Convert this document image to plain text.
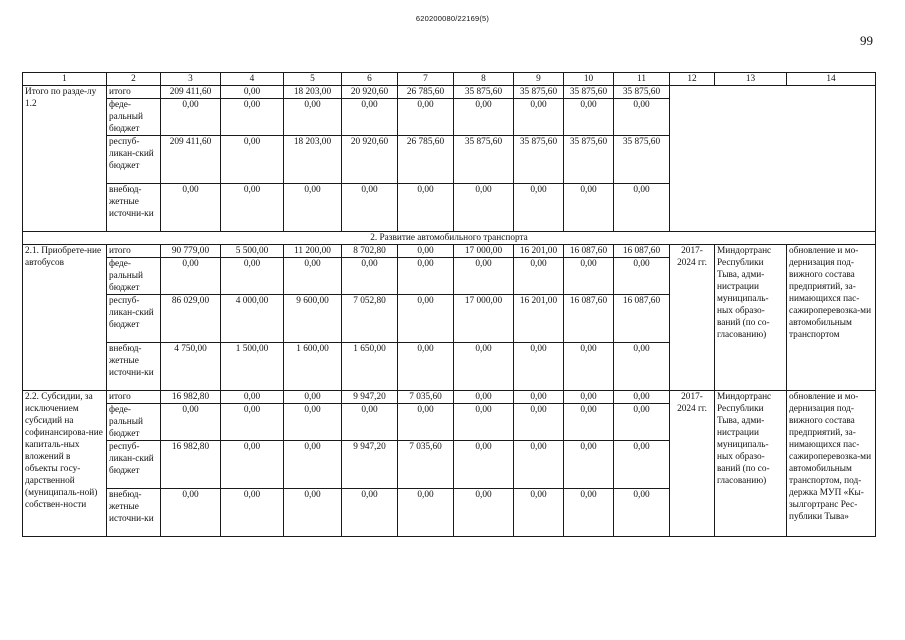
620200080/22169(5)
99
1	2	3	4	5	6	7	8	9	10	11	12	13	14
Итого по разде-лу 1.2	итого	209 411,60	0,00	18 203,00	20 920,60	26 785,60	35 875,60	35 875,60	35 875,60	35 875,60			
	феде-ральный бюджет	0,00	0,00	0,00	0,00	0,00	0,00	0,00	0,00	0,00			
	респуб-ликан-ский бюджет	209 411,60	0,00	18 203,00	20 920,60	26 785,60	35 875,60	35 875,60	35 875,60	35 875,60			
	внебюд-жетные источни-ки	0,00	0,00	0,00	0,00	0,00	0,00	0,00	0,00	0,00			
2. Развитие автомобильного транспорта													
2.1. Приобрете-ние автобусов	итого	90 779,00	5 500,00	11 200,00	8 702,80	0,00	17 000,00	16 201,00	16 087,60	16 087,60	2017-2024 гг.	Миндортранс Республики Тыва, адми-нистрации муниципаль-ных образо-ваний (по со-гласованию)	обновление и мо-дернизация под-вижного состава предприятий, за-нимающихся пас-сажироперевозка-ми автомобильным транспортом
	феде-ральный бюджет	0,00	0,00	0,00	0,00	0,00	0,00	0,00	0,00	0,00			
	респуб-ликан-ский бюджет	86 029,00	4 000,00	9 600,00	7 052,80	0,00	17 000,00	16 201,00	16 087,60	16 087,60			
	внебюд-жетные источни-ки	4 750,00	1 500,00	1 600,00	1 650,00	0,00	0,00	0,00	0,00	0,00			
2.2. Субсидии, за исключением субсидий на софинансирова-ние капиталь-ных вложений в объекты госу-дарственной (муниципаль-ной) собствен-ности	итого	16 982,80	0,00	0,00	9 947,20	7 035,60	0,00	0,00	0,00	0,00	2017-2024 гг.	Миндортранс Республики Тыва, адми-нистрации муниципаль-ных образо-ваний (по со-гласованию)	обновление и мо-дернизация под-вижного состава предприятий, за-нимающихся пас-сажироперевозка-ми автомобильным транспортом, под-держка МУП «Кы-зылгортранс Рес-публики Тыва»
	феде-ральный бюджет	0,00	0,00	0,00	0,00	0,00	0,00	0,00	0,00	0,00			
	респуб-ликан-ский бюджет	16 982,80	0,00	0,00	9 947,20	7 035,60	0,00	0,00	0,00	0,00			
	внебюд-жетные источни-ки	0,00	0,00	0,00	0,00	0,00	0,00	0,00	0,00	0,00			
